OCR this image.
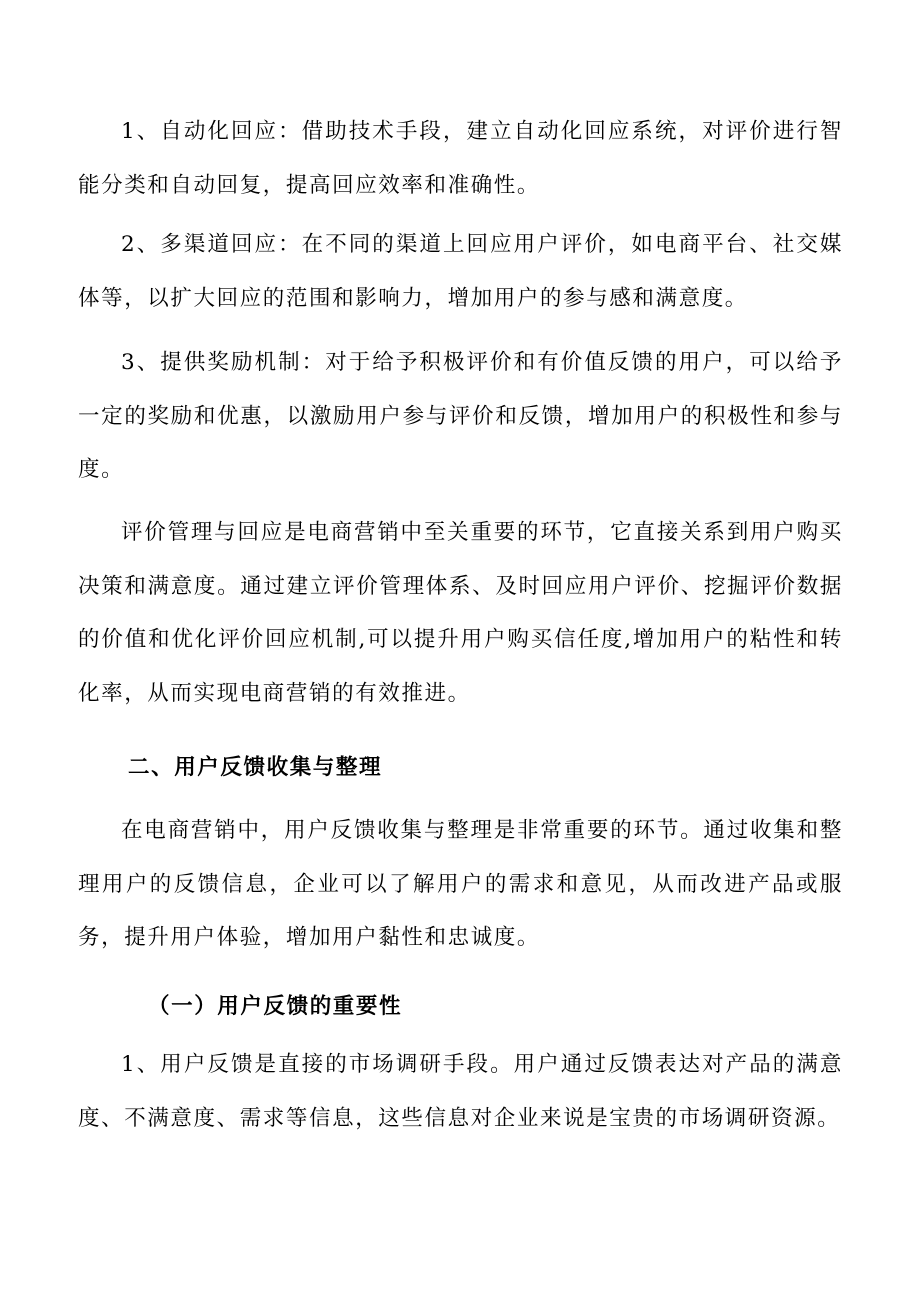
1、自动化回应：借助技术手段，建立自动化回应系统，对评价进行智能分类和自动回复，提高回应效率和准确性。

2、多渠道回应：在不同的渠道上回应用户评价，如电商平台、社交媒体等，以扩大回应的范围和影响力，增加用户的参与感和满意度。

3、提供奖励机制：对于给予积极评价和有价值反馈的用户，可以给予一定的奖励和优惠，以激励用户参与评价和反馈，增加用户的积极性和参与度。

评价管理与回应是电商营销中至关重要的环节，它直接关系到用户购买决策和满意度。通过建立评价管理体系、及时回应用户评价、挖掘评价数据的价值和优化评价回应机制,可以提升用户购买信任度,增加用户的粘性和转化率，从而实现电商营销的有效推进。

二、用户反馈收集与整理

在电商营销中，用户反馈收集与整理是非常重要的环节。通过收集和整理用户的反馈信息，企业可以了解用户的需求和意见，从而改进产品或服务，提升用户体验，增加用户黏性和忠诚度。

（一）用户反馈的重要性

1、用户反馈是直接的市场调研手段。用户通过反馈表达对产品的满意度、不满意度、需求等信息，这些信息对企业来说是宝贵的市场调研资源。
